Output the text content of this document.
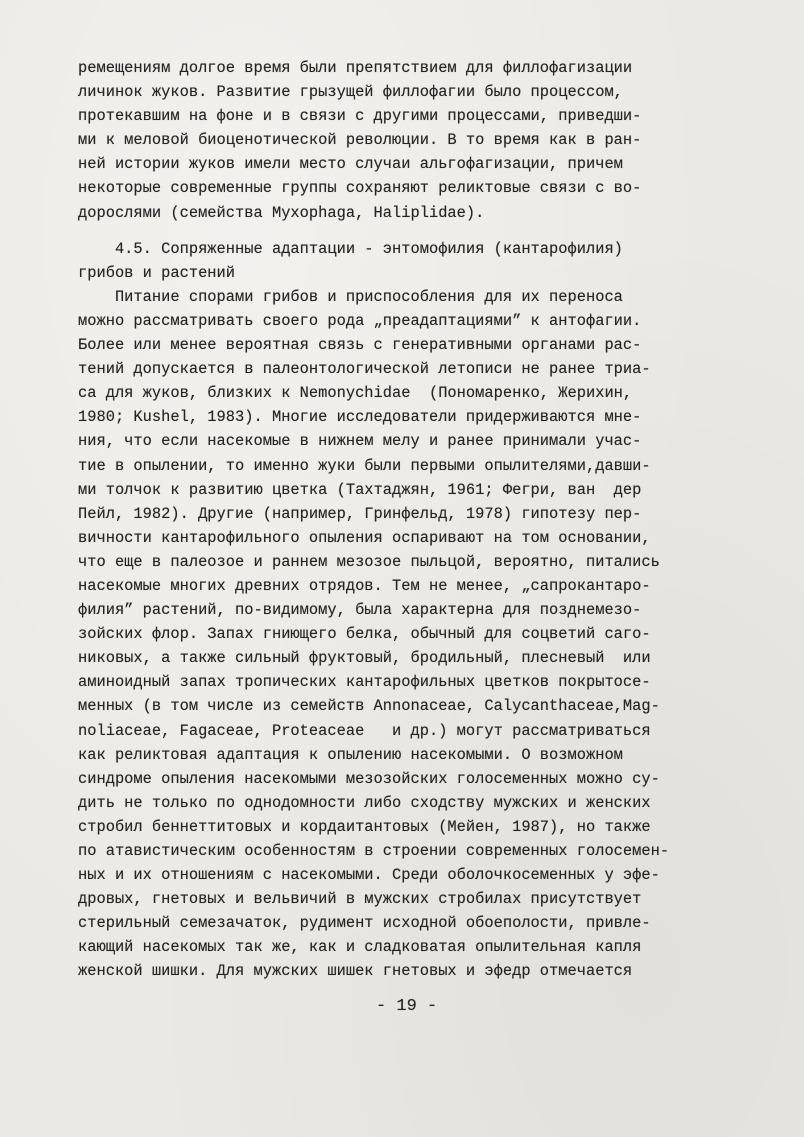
ремещениям долгое время были препятствием для филлофагизации
личинок жуков. Развитие грызущей филлофагии было процессом,
протекавшим на фоне и в связи с другими процессами, приведши-
ми к меловой биоценотической революции. В то время как в ран-
ней истории жуков имели место случаи альгофагизации, причем
некоторые современные группы сохраняют реликтовые связи с во-
дорослями (семейства Myxophaga, Haliplidae).
4.5. Сопряженные адаптации - энтомофилия (кантарофилия)
грибов и растений
Питание спорами грибов и приспособления для их переноса
можно рассматривать своего рода „преадаптациями” к антофагии.
Более или менее вероятная связь с генеративными органами рас-
тений допускается в палеонтологической летописи не ранее триа-
са для жуков, близких к Nemonychidae  (Пономаренко, Жерихин,
1980; Kushel, 1983). Многие исследователи придерживаются мне-
ния, что если насекомые в нижнем мелу и ранее принимали учас-
тие в опылении, то именно жуки были первыми опылителями,давши-
ми толчок к развитию цветка (Тахтаджян, 1961; Фегри, ван  дер
Пейл, 1982). Другие (например, Гринфельд, 1978) гипотезу пер-
вичности кантарофильного опыления оспаривают на том основании,
что еще в палеозое и раннем мезозое пыльцой, вероятно, питались
насекомые многих древних отрядов. Тем не менее, „сапрокантаро-
филия” растений, по-видимому, была характерна для позднемезо-
зойских флор. Запах гниющего белка, обычный для соцветий саго-
никовых, а также сильный фруктовый, бродильный, плесневый  или
аминоидный запах тропических кантарофильных цветков покрытосе-
менных (в том числе из семейств Annonaceae, Calycanthaceae,Mag-
noliaceae, Fagaceae, Proteaceae   и др.) могут рассматриваться
как реликтовая адаптация к опылению насекомыми. О возможном
синдроме опыления насекомыми мезозойских голосеменных можно су-
дить не только по однодомности либо сходству мужских и женских
стробил беннеттитовых и кордаитантовых (Мейен, 1987), но также
по атавистическим особенностям в строении современных голосемен-
ных и их отношениям с насекомыми. Среди оболочкосеменных у эфе-
дровых, гнетовых и вельвичий в мужских стробилах присутствует
стерильный семезачаток, рудимент исходной обоеполости, привле-
кающий насекомых так же, как и сладковатая опылительная капля
женской шишки. Для мужских шишек гнетовых и эфедр отмечается
- 19 -
